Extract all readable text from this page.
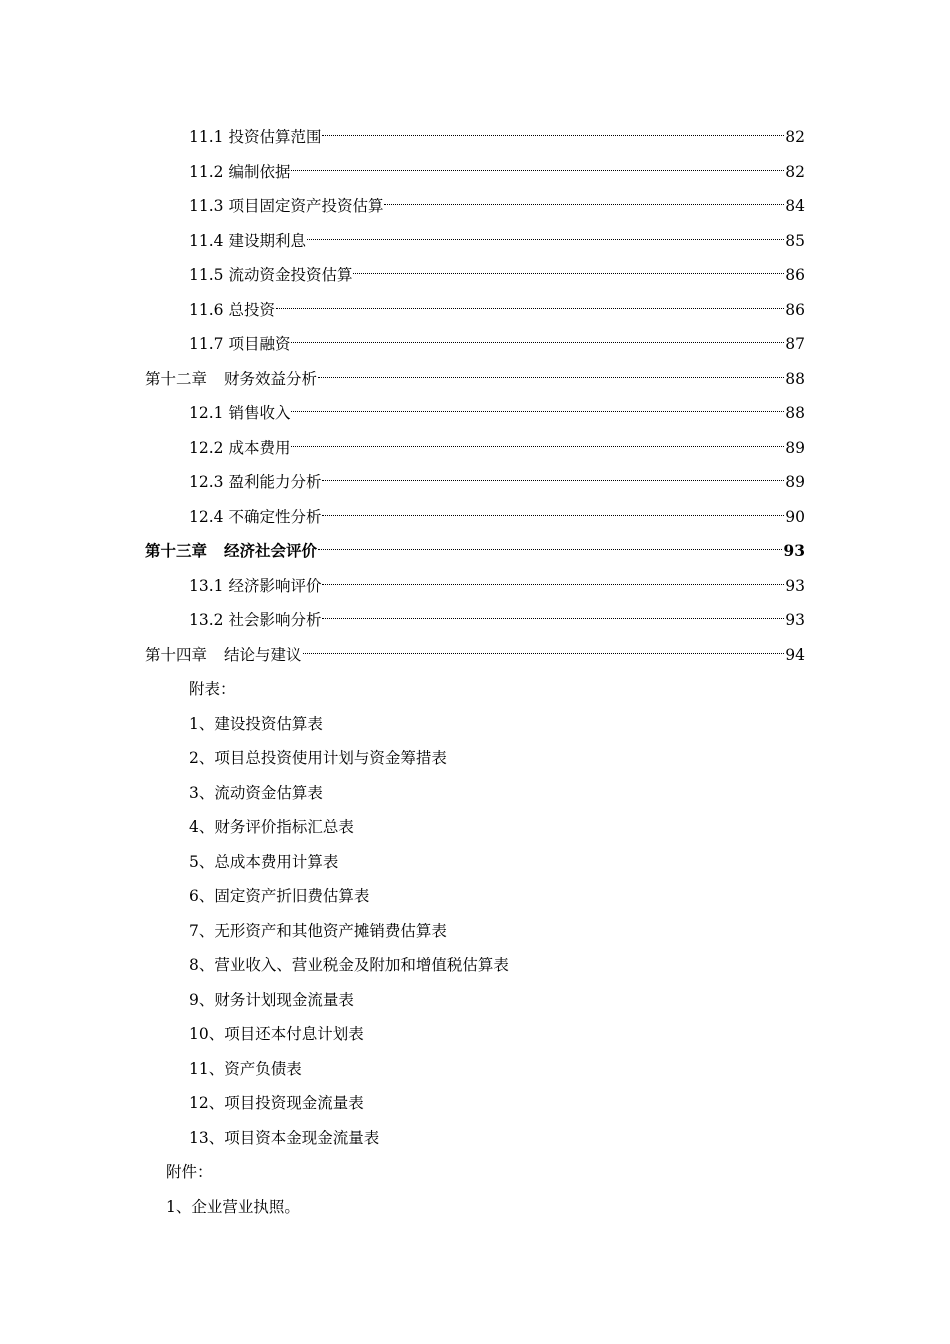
11.1 投资估算范围	82
11.2 编制依据	82
11.3 项目固定资产投资估算	84
11.4 建设期利息	85
11.5 流动资金投资估算	86
11.6 总投资	86
11.7 项目融资	87
第十二章 财务效益分析	88
12.1 销售收入	88
12.2 成本费用	89
12.3 盈利能力分析	89
12.4 不确定性分析	90
第十三章 经济社会评价	93
13.1 经济影响评价	93
13.2 社会影响分析	93
第十四章 结论与建议	94
附表：
1、建设投资估算表
2、项目总投资使用计划与资金筹措表
3、流动资金估算表
4、财务评价指标汇总表
5、总成本费用计算表
6、固定资产折旧费估算表
7、无形资产和其他资产摊销费估算表
8、营业收入、营业税金及附加和增值税估算表
9、财务计划现金流量表
10、项目还本付息计划表
11、资产负债表
12、项目投资现金流量表
13、项目资本金现金流量表
附件：
1、企业营业执照。
